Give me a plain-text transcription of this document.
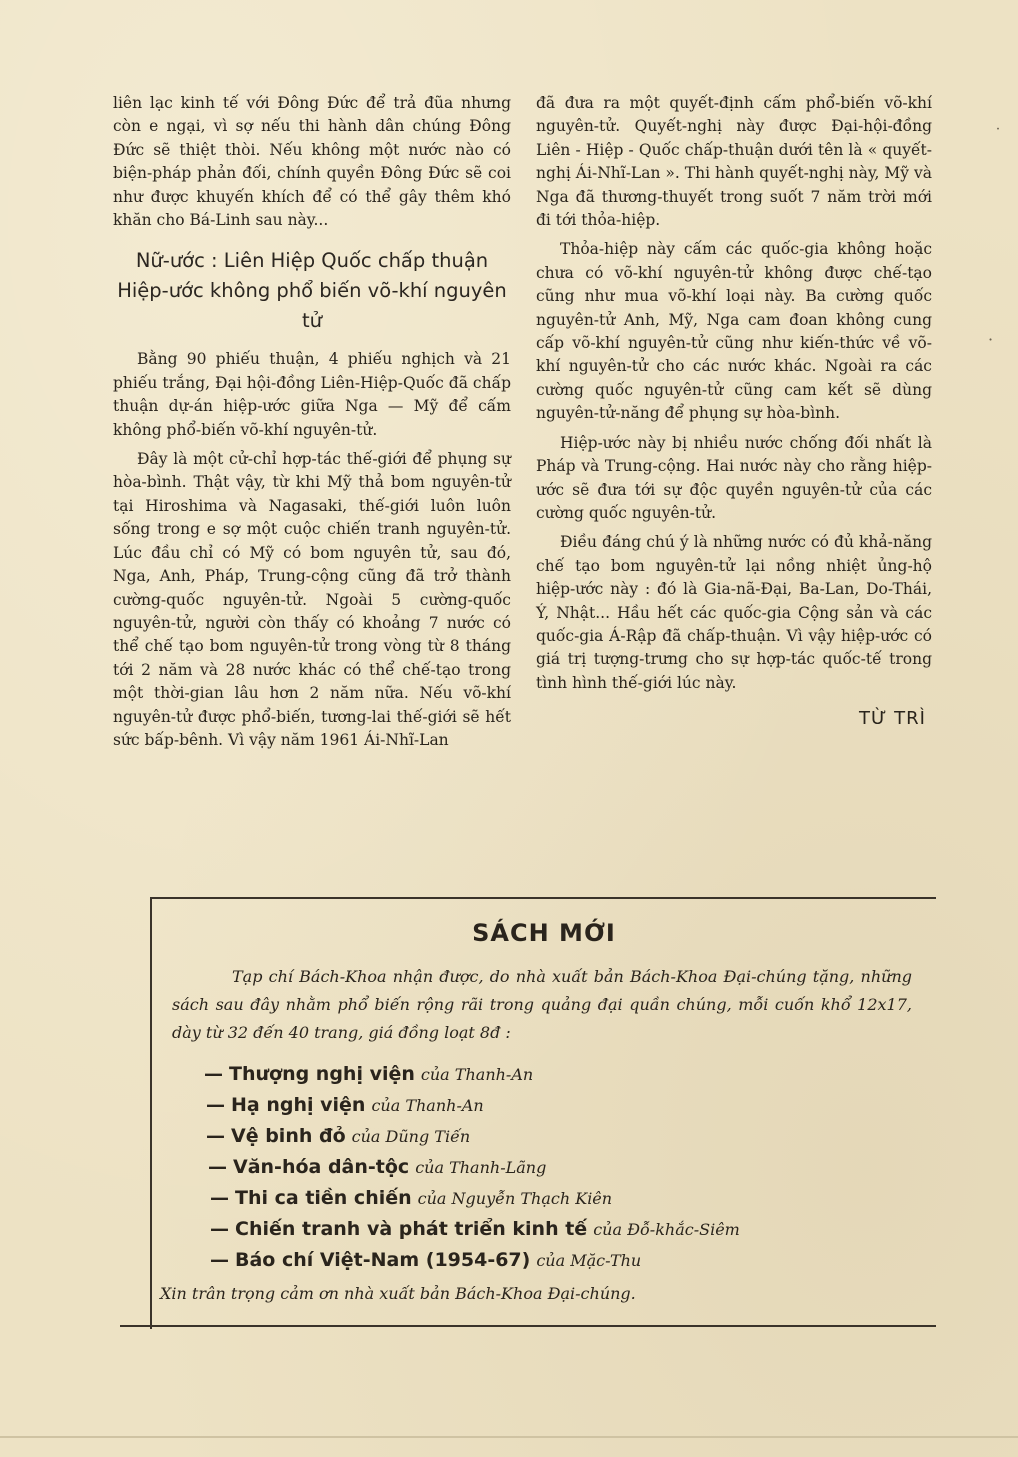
liên lạc kinh tế với Đông Đức để trả đũa nhưng còn e ngại, vì sợ nếu thi hành dân chúng Đông Đức sẽ thiệt thòi. Nếu không một nước nào có biện-pháp phản đối, chính quyền Đông Đức sẽ coi như được khuyến khích để có thể gây thêm khó khăn cho Bá-Linh sau này...

Nữ-ước : Liên Hiệp Quốc chấp thuận Hiệp-ước không phổ biến võ-khí nguyên tử

Bằng 90 phiếu thuận, 4 phiếu nghịch và 21 phiếu trắng, Đại hội-đồng Liên-Hiệp-Quốc đã chấp thuận dự-án hiệp-ước giữa Nga — Mỹ để cấm không phổ-biến võ-khí nguyên-tử.

Đây là một cử-chỉ hợp-tác thế-giới để phụng sự hòa-bình. Thật vậy, từ khi Mỹ thả bom nguyên-tử tại Hiroshima và Nagasaki, thế-giới luôn luôn sống trong e sợ một cuộc chiến tranh nguyên-tử. Lúc đầu chỉ có Mỹ có bom nguyên tử, sau đó, Nga, Anh, Pháp, Trung-cộng cũng đã trở thành cường-quốc nguyên-tử. Ngoài 5 cường-quốc nguyên-tử, người còn thấy có khoảng 7 nước có thể chế tạo bom nguyên-tử trong vòng từ 8 tháng tới 2 năm và 28 nước khác có thể chế-tạo trong một thời-gian lâu hơn 2 năm nữa. Nếu võ-khí nguyên-tử được phổ-biến, tương-lai thế-giới sẽ hết sức bấp-bênh. Vì vậy năm 1961 Ái-Nhĩ-Lan

đã đưa ra một quyết-định cấm phổ-biến võ-khí nguyên-tử. Quyết-nghị này được Đại-hội-đồng Liên - Hiệp - Quốc chấp-thuận dưới tên là « quyết-nghị Ái-Nhĩ-Lan ». Thi hành quyết-nghị này, Mỹ và Nga đã thương-thuyết trong suốt 7 năm trời mới đi tới thỏa-hiệp.

Thỏa-hiệp này cấm các quốc-gia không hoặc chưa có võ-khí nguyên-tử không được chế-tạo cũng như mua võ-khí loại này. Ba cường quốc nguyên-tử Anh, Mỹ, Nga cam đoan không cung cấp võ-khí nguyên-tử cũng như kiến-thức về võ-khí nguyên-tử cho các nước khác. Ngoài ra các cường quốc nguyên-tử cũng cam kết sẽ dùng nguyên-tử-năng để phụng sự hòa-bình.

Hiệp-ước này bị nhiều nước chống đối nhất là Pháp và Trung-cộng. Hai nước này cho rằng hiệp-ước sẽ đưa tới sự độc quyền nguyên-tử của các cường quốc nguyên-tử.

Điều đáng chú ý là những nước có đủ khả-năng chế tạo bom nguyên-tử lại nồng nhiệt ủng-hộ hiệp-ước này : đó là Gia-nã-Đại, Ba-Lan, Do-Thái, Ý, Nhật... Hầu hết các quốc-gia Cộng sản và các quốc-gia Á-Rập đã chấp-thuận. Vì vậy hiệp-ước có giá trị tượng-trưng cho sự hợp-tác quốc-tế trong tình hình thế-giới lúc này.

TỪ TRÌ
SÁCH MỚI
Tạp chí Bách-Khoa nhận được, do nhà xuất bản Bách-Khoa Đại-chúng tặng, những sách sau đây nhằm phổ biến rộng rãi trong quảng đại quần chúng, mỗi cuốn khổ 12x17, dày từ 32 đến 40 trang, giá đồng loạt 8đ :
— Thượng nghị viện của Thanh-An
— Hạ nghị viện của Thanh-An
— Vệ binh đỏ của Dũng Tiến
— Văn-hóa dân-tộc của Thanh-Lãng
— Thi ca tiền chiến của Nguyễn Thạch Kiên
— Chiến tranh và phát triển kinh tế của Đỗ-khắc-Siêm
— Báo chí Việt-Nam (1954-67) của Mặc-Thu
Xin trân trọng cảm ơn nhà xuất bản Bách-Khoa Đại-chúng.
˙
·
